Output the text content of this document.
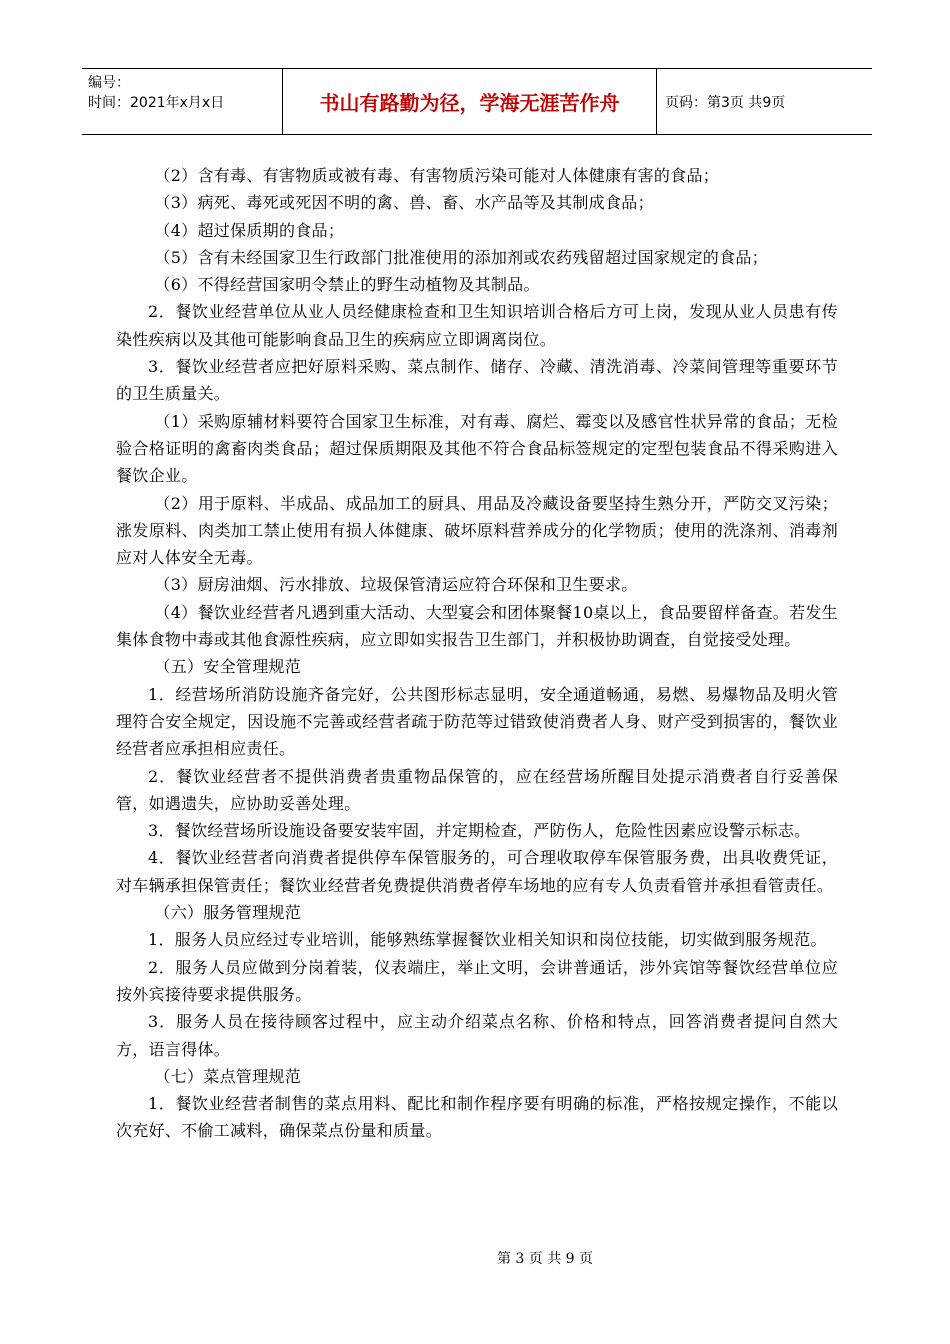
编号：
时间：2021年x月x日	书山有路勤为径，学海无涯苦作舟	页码：第3页 共9页

（2）含有毒、有害物质或被有毒、有害物质污染可能对人体健康有害的食品；

（3）病死、毒死或死因不明的禽、兽、畜、水产品等及其制成食品；

（4）超过保质期的食品；

（5）含有未经国家卫生行政部门批准使用的添加剂或农药残留超过国家规定的食品；

（6）不得经营国家明令禁止的野生动植物及其制品。

2．餐饮业经营单位从业人员经健康检查和卫生知识培训合格后方可上岗，发现从业人员患有传染性疾病以及其他可能影响食品卫生的疾病应立即调离岗位。

3．餐饮业经营者应把好原料采购、菜点制作、储存、冷藏、清洗消毒、冷菜间管理等重要环节的卫生质量关。

（1）采购原辅材料要符合国家卫生标准，对有毒、腐烂、霉变以及感官性状异常的食品；无检验合格证明的禽畜肉类食品；超过保质期限及其他不符合食品标签规定的定型包装食品不得采购进入餐饮企业。

（2）用于原料、半成品、成品加工的厨具、用品及冷藏设备要坚持生熟分开，严防交叉污染；涨发原料、肉类加工禁止使用有损人体健康、破坏原料营养成分的化学物质；使用的洗涤剂、消毒剂应对人体安全无毒。

（3）厨房油烟、污水排放、垃圾保管清运应符合环保和卫生要求。

（4）餐饮业经营者凡遇到重大活动、大型宴会和团体聚餐10桌以上，食品要留样备查。若发生集体食物中毒或其他食源性疾病，应立即如实报告卫生部门，并积极协助调查，自觉接受处理。

（五）安全管理规范

1．经营场所消防设施齐备完好，公共图形标志显明，安全通道畅通，易燃、易爆物品及明火管理符合安全规定，因设施不完善或经营者疏于防范等过错致使消费者人身、财产受到损害的，餐饮业经营者应承担相应责任。

2．餐饮业经营者不提供消费者贵重物品保管的，应在经营场所醒目处提示消费者自行妥善保管，如遇遗失，应协助妥善处理。

3．餐饮经营场所设施设备要安装牢固，并定期检查，严防伤人，危险性因素应设警示标志。

4．餐饮业经营者向消费者提供停车保管服务的，可合理收取停车保管服务费，出具收费凭证，对车辆承担保管责任；餐饮业经营者免费提供消费者停车场地的应有专人负责看管并承担看管责任。

（六）服务管理规范

1．服务人员应经过专业培训，能够熟练掌握餐饮业相关知识和岗位技能，切实做到服务规范。

2．服务人员应做到分岗着装，仪表端庄，举止文明，会讲普通话，涉外宾馆等餐饮经营单位应按外宾接待要求提供服务。

3．服务人员在接待顾客过程中，应主动介绍菜点名称、价格和特点，回答消费者提问自然大方，语言得体。

（七）菜点管理规范

1．餐饮业经营者制售的菜点用料、配比和制作程序要有明确的标准，严格按规定操作，不能以次充好、不偷工减料，确保菜点份量和质量。

第 3 页 共 9 页
